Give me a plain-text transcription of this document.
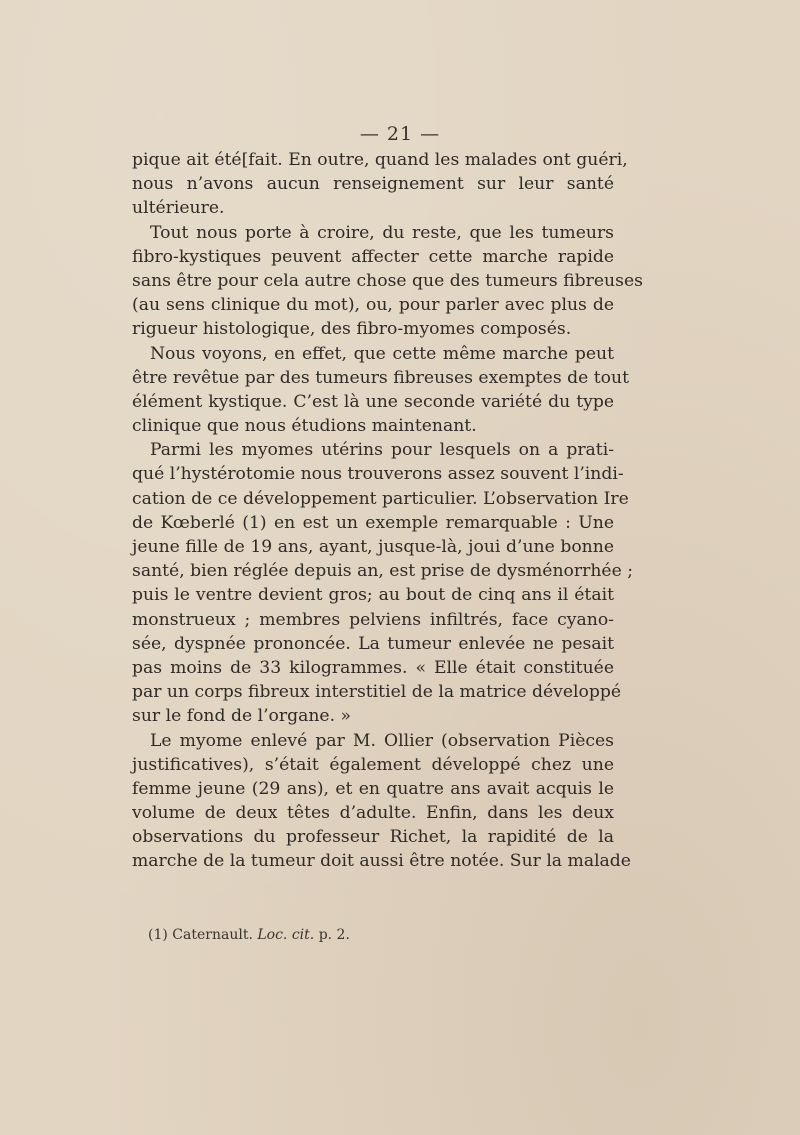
— 21 —
pique ait été[fait. En outre, quand les malades ont guéri,
nous n’avons aucun renseignement sur leur santé
ultérieure.
Tout nous porte à croire, du reste, que les tumeurs
fibro-kystiques peuvent affecter cette marche rapide
sans être pour cela autre chose que des tumeurs fibreuses
(au sens clinique du mot), ou, pour parler avec plus de
rigueur histologique, des fibro-myomes composés.
Nous voyons, en effet, que cette même marche peut
être revêtue par des tumeurs fibreuses exemptes de tout
élément kystique. C’est là une seconde variété du type
clinique que nous étudions maintenant.
Parmi les myomes utérins pour lesquels on a prati-
qué l’hystérotomie nous trouverons assez souvent l’indi-
cation de ce développement particulier. L’observation Ire
de Kœberlé (1) en est un exemple remarquable : Une
jeune fille de 19 ans, ayant, jusque-là, joui d’une bonne
santé, bien réglée depuis an, est prise de dysménorrhée ;
puis le ventre devient gros; au bout de cinq ans il était
monstrueux ; membres pelviens infiltrés, face cyano-
sée, dyspnée prononcée. La tumeur enlevée ne pesait
pas moins de 33 kilogrammes. « Elle était constituée
par un corps fibreux interstitiel de la matrice développé
sur le fond de l’organe. »
Le myome enlevé par M. Ollier (observation Pièces
justificatives), s’était également développé chez une
femme jeune (29 ans), et en quatre ans avait acquis le
volume de deux têtes d’adulte. Enfin, dans les deux
observations du professeur Richet, la rapidité de la
marche de la tumeur doit aussi être notée. Sur la malade
(1) Caternault. Loc. cit. p. 2.
